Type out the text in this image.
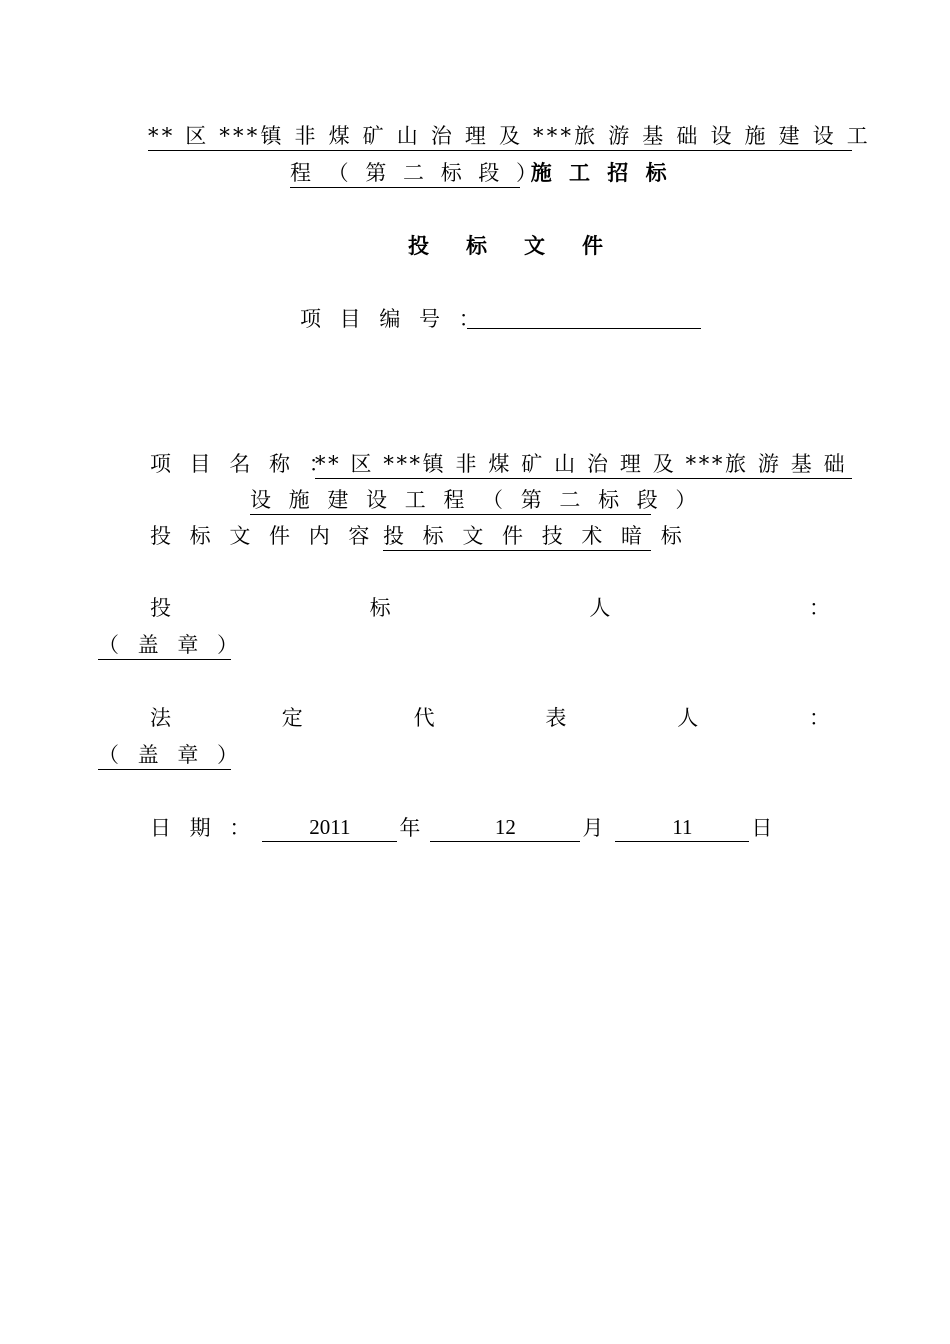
** 区 ***镇 非 煤 矿 山 治 理 及 ***旅 游 基 础 设 施 建 设 工
程 （ 第 二 标 段 ） 施 工 招 标
投　标　文　件
项 目 编 号 ：
项 目 名 称 ：
** 区 ***镇 非 煤 矿 山 治 理 及 ***旅 游 基 础
设 施 建 设 工 程 （ 第 二 标 段 ）
投 标 文 件 内 容 ：
投 标 文 件 技 术 暗 标
投	标	人	：
（ 盖 章 ）
法	定	代	表	人	：
（ 盖 章 ）
日 期 ：	2011	年	12	月	11	日
